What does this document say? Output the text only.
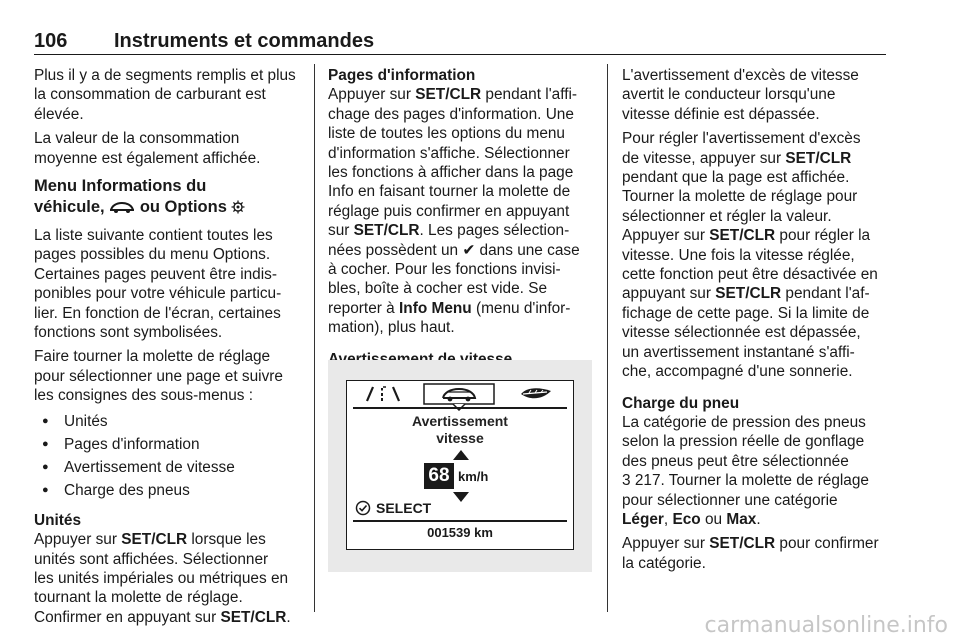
106 Instruments et commandes

Plus il y a de segments remplis et plus
la consommation de carburant est
élevée.

La valeur de la consommation
moyenne est également affichée.

Menu Informations du
véhicule, ou Options

La liste suivante contient toutes les
pages possibles du menu Options.
Certaines pages peuvent être indis-
ponibles pour votre véhicule particu-
lier. En fonction de l'écran, certaines
fonctions sont symbolisées.

Faire tourner la molette de réglage
pour sélectionner une page et suivre
les consignes des sous-menus :

● Unités
● Pages d'information
● Avertissement de vitesse
● Charge des pneus

Unités

Appuyer sur SET/CLR lorsque les
unités sont affichées. Sélectionner
les unités impériales ou métriques en
tournant la molette de réglage.
Confirmer en appuyant sur SET/CLR.

Pages d'information

Appuyer sur SET/CLR pendant l'affi-
chage des pages d'information. Une
liste de toutes les options du menu
d'information s'affiche. Sélectionner
les fonctions à afficher dans la page
Info en faisant tourner la molette de
réglage puis confirmer en appuyant
sur SET/CLR. Les pages sélection-
nées possèdent un ✔ dans une case
à cocher. Pour les fonctions invisi-
bles, boîte à cocher est vide. Se
reporter à Info Menu (menu d'infor-
mation), plus haut.

Avertissement
vitesse
68 km/h
SELECT
001539 km

L'avertissement d'excès de vitesse
avertit le conducteur lorsqu'une
vitesse définie est dépassée.

Pour régler l'avertissement d'excès
de vitesse, appuyer sur SET/CLR
pendant que la page est affichée.
Tourner la molette de réglage pour
sélectionner et régler la valeur.
Appuyer sur SET/CLR pour régler la
vitesse. Une fois la vitesse réglée,
cette fonction peut être désactivée en
appuyant sur SET/CLR pendant l'af-
fichage de cette page. Si la limite de
vitesse sélectionnée est dépassée,
un avertissement instantané s'affi-
che, accompagné d'une sonnerie.

Charge du pneu

La catégorie de pression des pneus
selon la pression réelle de gonflage
des pneus peut être sélectionnée
3 217. Tourner la molette de réglage
pour sélectionner une catégorie
Léger, Eco ou Max.

Appuyer sur SET/CLR pour confirmer
la catégorie.

carmanualsonline.info
